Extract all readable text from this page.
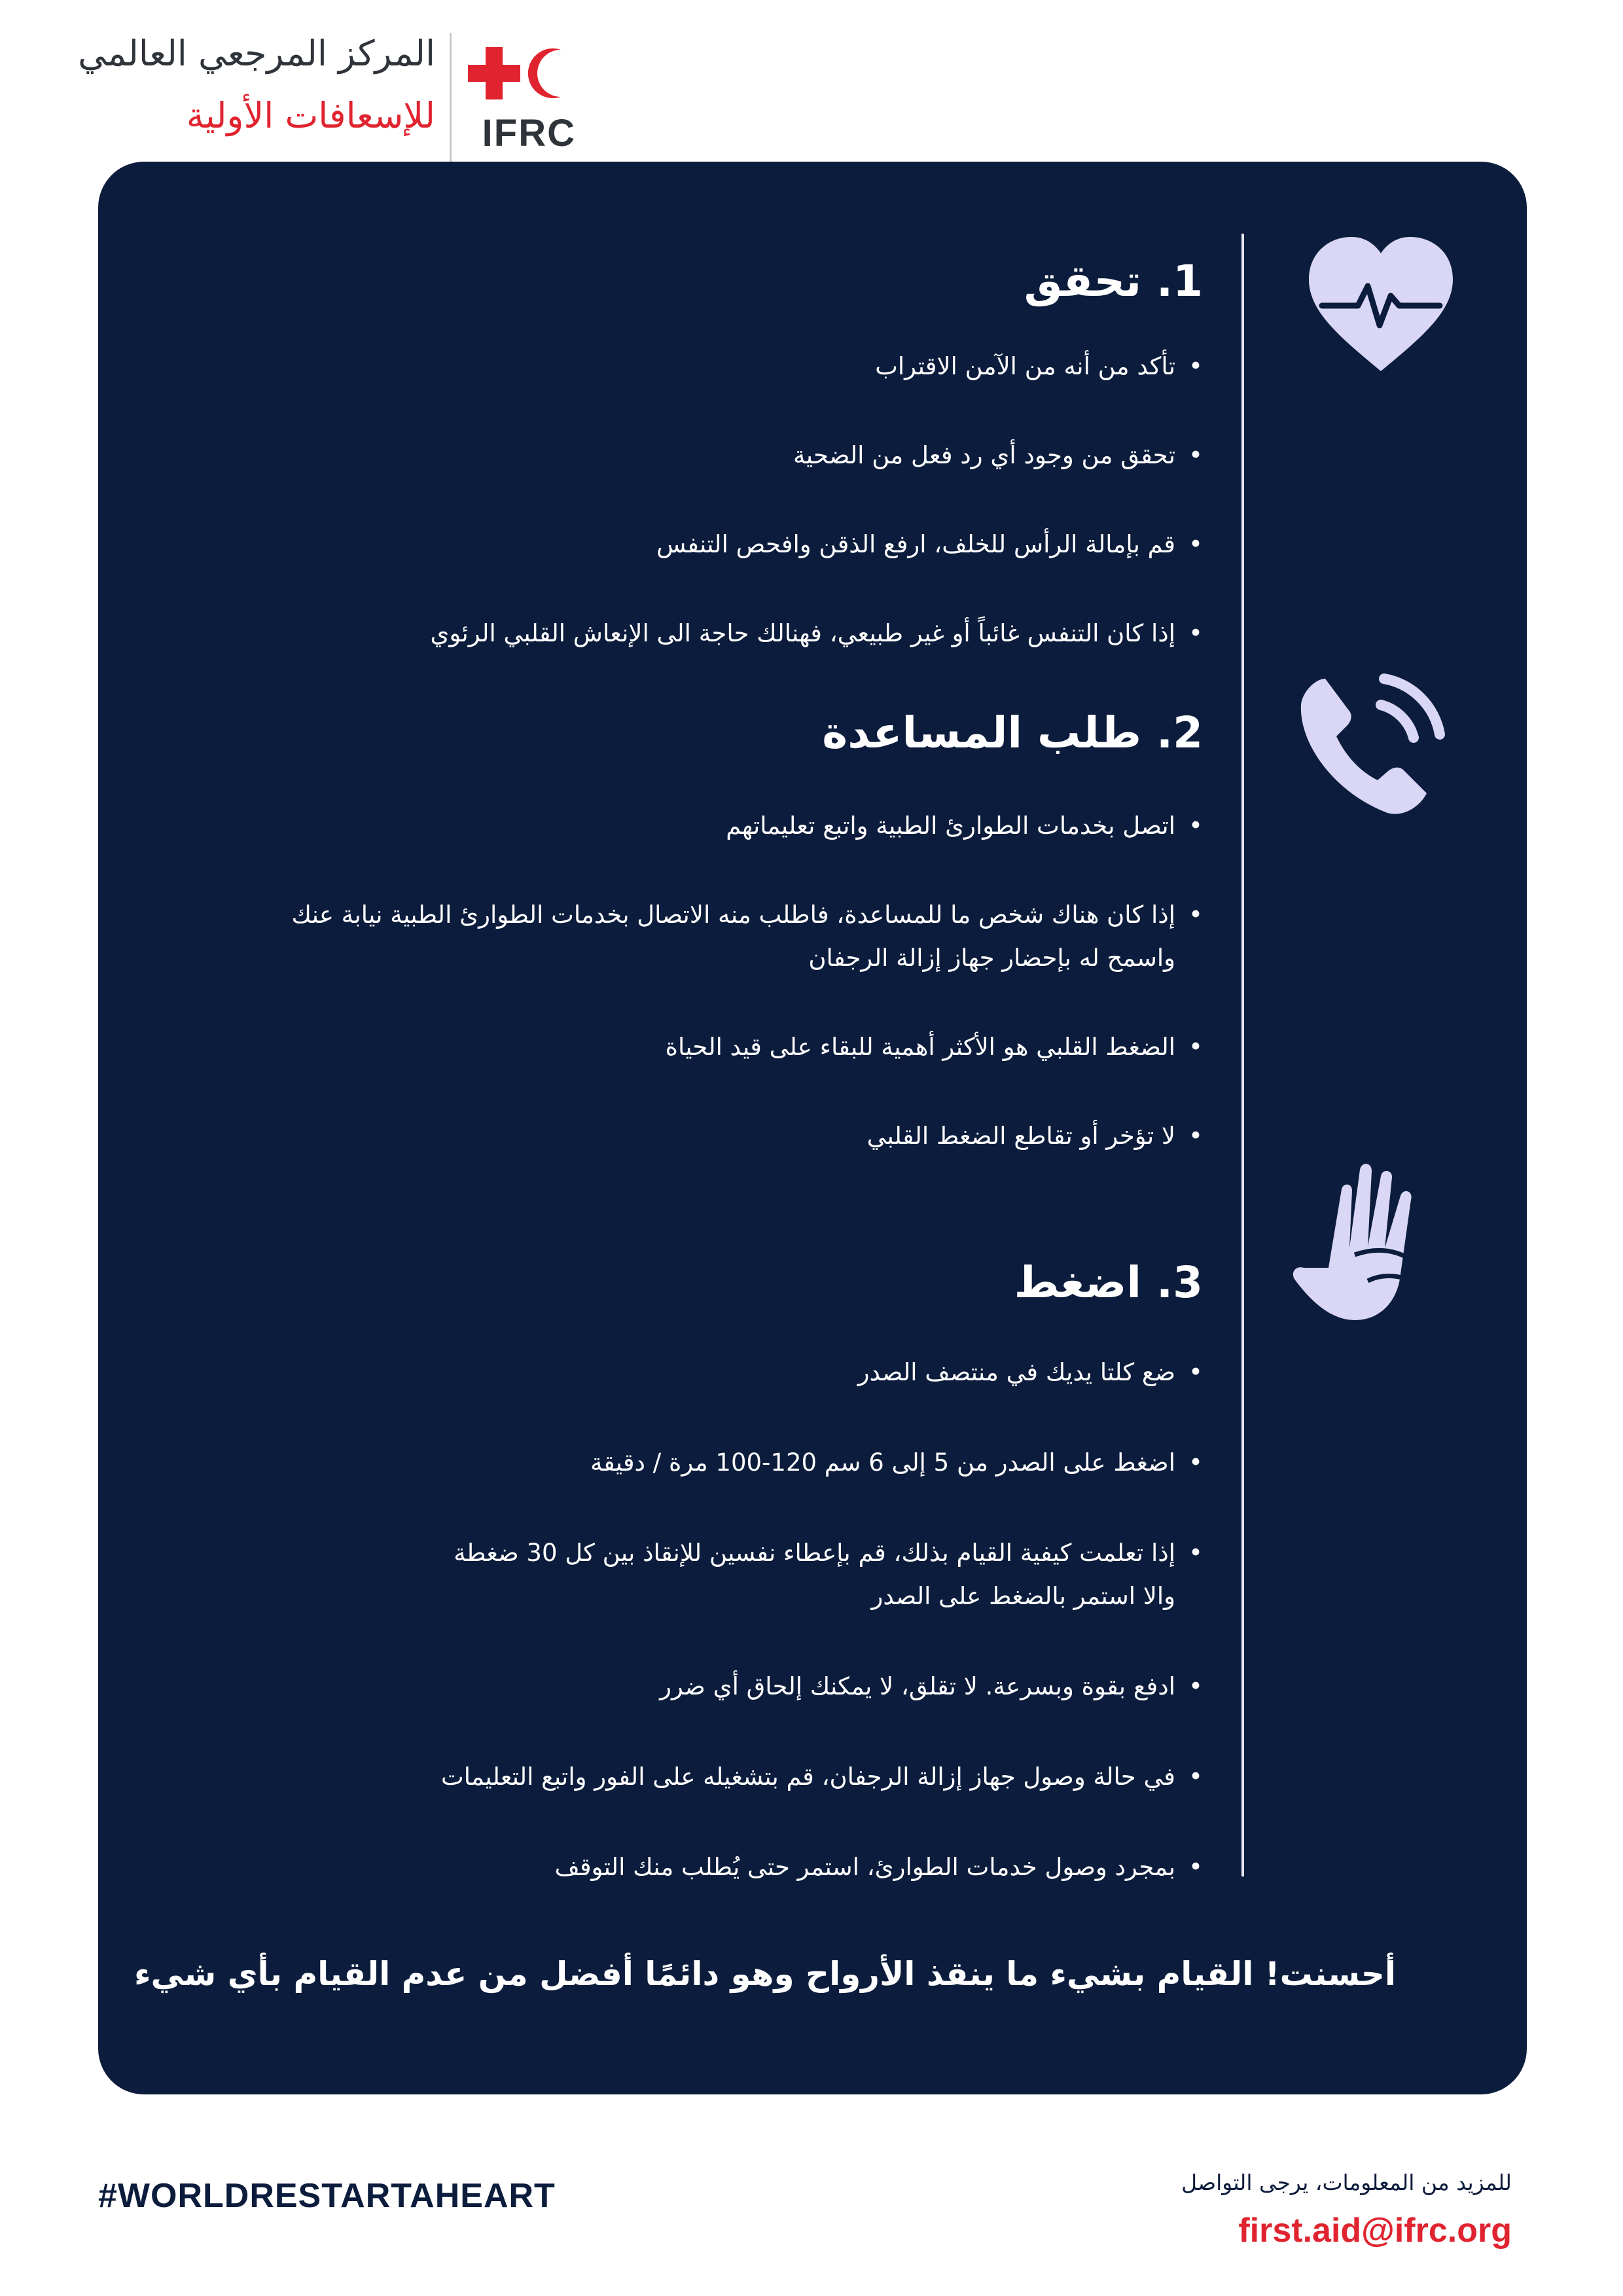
IFRC
المركز المرجعي العالمي
للإسعافات الأولية
1. تحقق
• تأكد من أنه من الآمن الاقتراب
• تحقق من وجود أي رد فعل من الضحية
• قم بإمالة الرأس للخلف، ارفع الذقن وافحص التنفس
• إذا كان التنفس غائباً أو غير طبيعي، فهنالك حاجة الى الإنعاش القلبي الرئوي
2. طلب المساعدة
• اتصل بخدمات الطوارئ الطبية واتبع تعليماتهم
• إذا كان هناك شخص ما للمساعدة، فاطلب منه الاتصال بخدمات الطوارئ الطبية نيابة عنك
واسمح له بإحضار جهاز إزالة الرجفان
• الضغط القلبي هو الأكثر أهمية للبقاء على قيد الحياة
• لا تؤخر أو تقاطع الضغط القلبي
3. اضغط
• ضع كلتا يديك في منتصف الصدر
• اضغط على الصدر من 5 إلى 6 سم 120-100 مرة / دقيقة
• إذا تعلمت كيفية القيام بذلك، قم بإعطاء نفسين للإنقاذ بين كل 30 ضغطة
والا استمر بالضغط على الصدر
• ادفع بقوة وبسرعة. لا تقلق، لا يمكنك إلحاق أي ضرر
• في حالة وصول جهاز إزالة الرجفان، قم بتشغيله على الفور واتبع التعليمات
• بمجرد وصول خدمات الطوارئ، استمر حتى يُطلب منك التوقف
أحسنت! القيام بشيء ما ينقذ الأرواح وهو دائمًا أفضل من عدم القيام بأي شيء
#WORLDRESTARTAHEART	للمزيد من المعلومات، يرجى التواصل
first.aid@ifrc.org
